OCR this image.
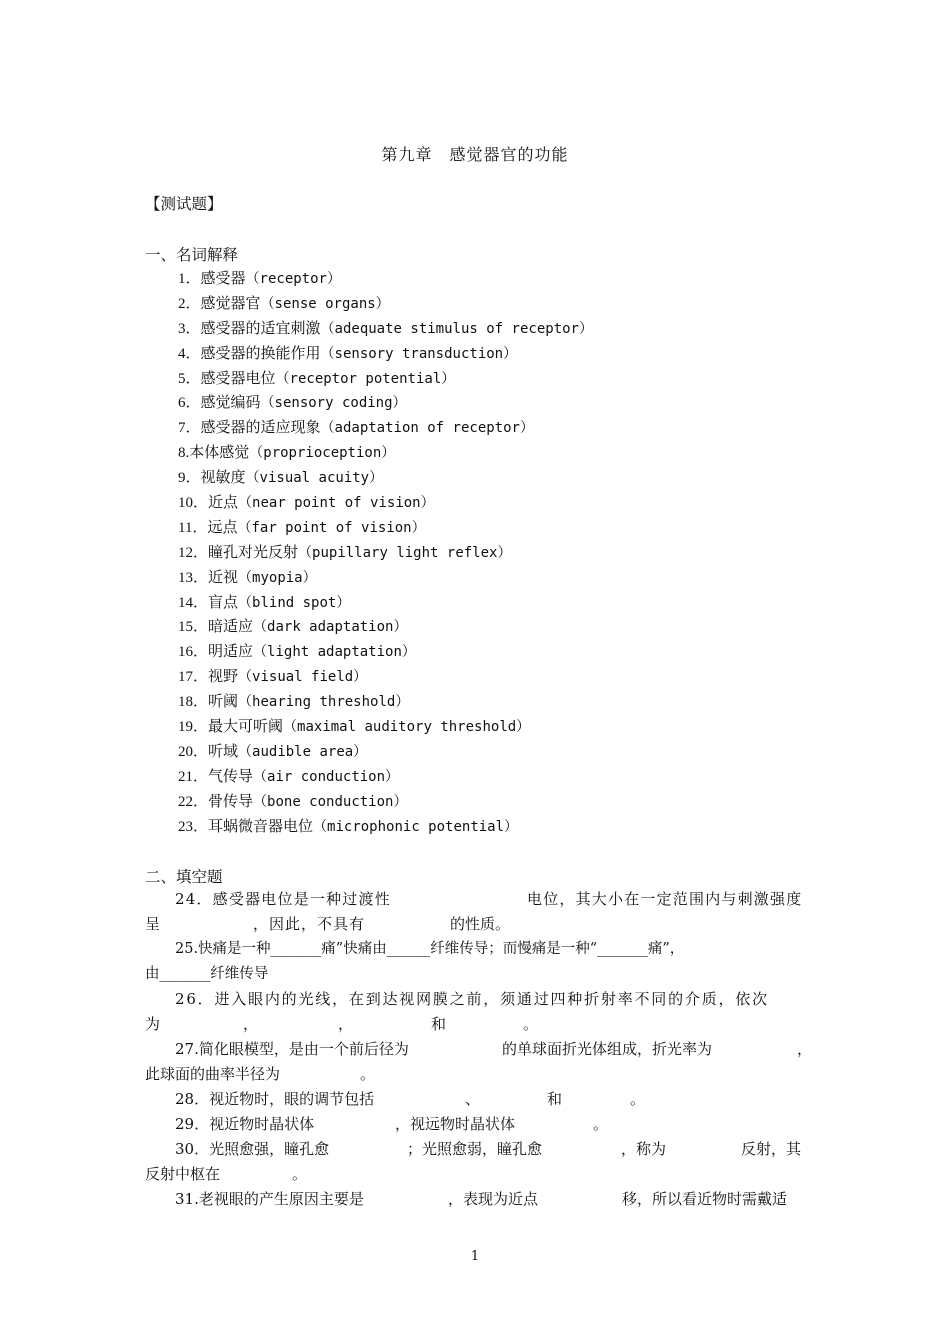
第九章　感觉器官的功能
【测试题】
一、名词解释
1．感受器（receptor）
2．感觉器官（sense organs）
3．感受器的适宜刺激（adequate stimulus of receptor）
4．感受器的换能作用（sensory transduction）
5．感受器电位（receptor potential）
6．感觉编码（sensory coding）
7．感受器的适应现象（adaptation of receptor）
8.本体感觉（proprioception）
9．视敏度（visual acuity）
10．近点（near point of vision）
11．远点（far point of vision）
12．瞳孔对光反射（pupillary light reflex）
13．近视（myopia）
14．盲点（blind spot）
15．暗适应（dark adaptation）
16．明适应（light adaptation）
17．视野（visual field）
18．听阈（hearing threshold）
19．最大可听阈（maximal auditory threshold）
20．听域（audible area）
21．气传导（air conduction）
22．骨传导（bone conduction）
23．耳蜗微音器电位（microphonic potential）
二、填空题
24．感受器电位是一种过渡性	电位，其大小在一定范围内与刺激强度
呈	，因此，不具有	的性质。
25.快痛是一种_______痛”快痛由______纤维传导；而慢痛是一种“_______痛”，
由_______纤维传导
26．进入眼内的光线，在到达视网膜之前，须通过四种折射率不同的介质，依次
为	，	，	和	。
27.简化眼模型，是由一个前后径为	的单球面折光体组成，折光率为	，
此球面的曲率半径为	。
28．视近物时，眼的调节包括	、	和	。
29．视近物时晶状体	，视远物时晶状体	。
30．光照愈强，瞳孔愈	；光照愈弱，瞳孔愈	，称为	反射，其
反射中枢在	。
31.老视眼的产生原因主要是	，表现为近点	移，所以看近物时需戴适
1
